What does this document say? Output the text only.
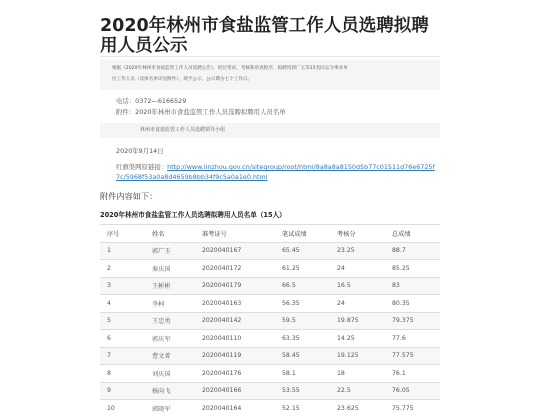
2020年林州市食盐监管工作人员选聘拟聘用人员公示

根据《2020年林州市食盐监管工作人员选聘公告》，经过笔试、考核和审查程序，拟聘用郭广玉等15名同志为事业单

位工作人员（具体名单详见附件），现予公示，公示期为七个工作日。

电话：0372—6166529

附件：2020年林州市食盐监管工作人员选聘拟聘用人员名单

林州市食盐监管工作人员选聘领导小组
2020年9月14日

红旗渠网原链接：http://www.linzhou.gov.cn/sitegroup/root/html/8a8a8a8150d5b77c01511d76e6725f

7c/5968f53a0a8d4659b8bb34f9c5a0a1e0.html

附件内容如下：
2020年林州市食盐监管工作人员选聘拟聘用人员名单（15人）
序号	姓名	准考证号	笔试成绩	考核分	总成绩
1	郭广玉	2020040167	65.45	23.25	88.7
2	秦庆国	2020040172	61.25	24	85.25
3	王彬彬	2020040179	66.5	16.5	83
4	李柯	2020040163	56.35	24	80.35
5	王忠勇	2020040142	59.5	19.875	79.375
6	郭庆军	2020040110	63.35	14.25	77.6
7	曹文菁	2020040119	58.45	19.125	77.575
8	刘庆国	2020040176	58.1	18	76.1
9	杨向飞	2020040166	53.55	22.5	76.05
10	郭晓军	2020040164	52.15	23.625	75.775
